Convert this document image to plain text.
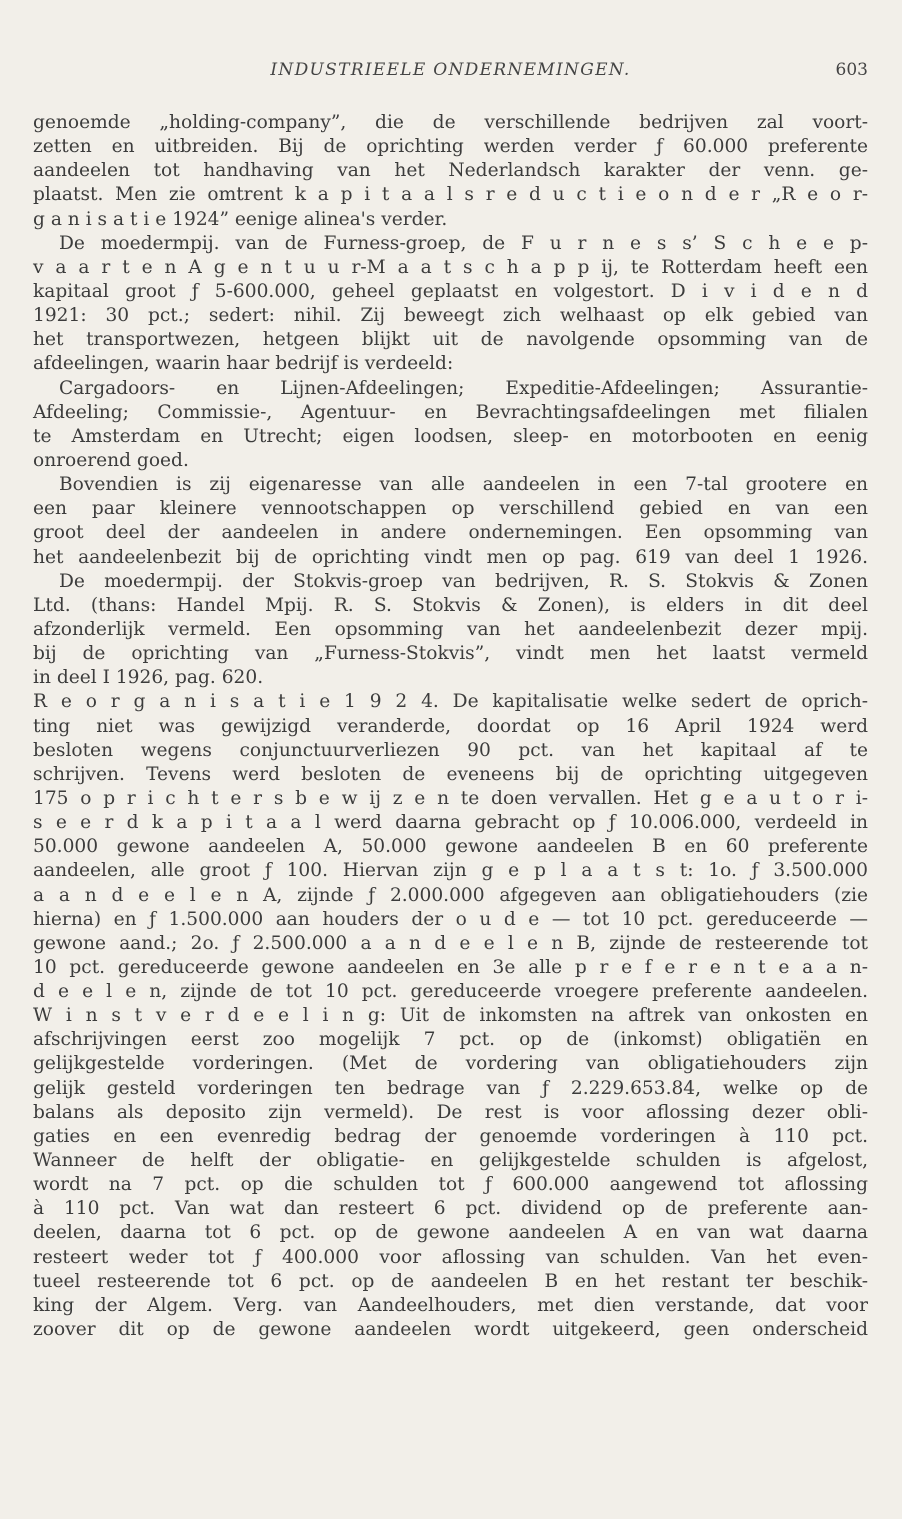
INDUSTRIEELE ONDERNEMINGEN.	603
genoemde „holding-company”, die de verschillende bedrijven zal voort-
zetten en uitbreiden. Bij de oprichting werden verder ƒ 60.000 preferente
aandeelen tot handhaving van het Nederlandsch karakter der venn. ge-
plaatst. Men zie omtrent k a p i t a a l s r e d u c t i e o n d e r „R e o r-
g a n i s a t i e 1924” eenige alinea's verder.
De moedermpij. van de Furness-groep, de F u r n e s s’ S c h e e p-
v a a r t e n A g e n t u u r-M a a t s c h a p p ij, te Rotterdam heeft een
kapitaal groot ƒ 5-600.000, geheel geplaatst en volgestort. D i v i d e n d
1921: 30 pct.; sedert: nihil. Zij beweegt zich welhaast op elk gebied van
het transportwezen, hetgeen blijkt uit de navolgende opsomming van de
afdeelingen, waarin haar bedrijf is verdeeld:
Cargadoors- en Lijnen-Afdeelingen; Expeditie-Afdeelingen; Assurantie-
Afdeeling; Commissie-, Agentuur- en Bevrachtingsafdeelingen met filialen
te Amsterdam en Utrecht; eigen loodsen, sleep- en motorbooten en eenig
onroerend goed.
Bovendien is zij eigenaresse van alle aandeelen in een 7-tal grootere en
een paar kleinere vennootschappen op verschillend gebied en van een
groot deel der aandeelen in andere ondernemingen. Een opsomming van
het aandeelenbezit bij de oprichting vindt men op pag. 619 van deel 1 1926.
De moedermpij. der Stokvis-groep van bedrijven, R. S. Stokvis & Zonen
Ltd. (thans: Handel Mpij. R. S. Stokvis & Zonen), is elders in dit deel
afzonderlijk vermeld. Een opsomming van het aandeelenbezit dezer mpij.
bij de oprichting van „Furness-Stokvis”, vindt men het laatst vermeld
in deel I 1926, pag. 620.
R e o r g a n i s a t i e 1 9 2 4. De kapitalisatie welke sedert de oprich-
ting niet was gewijzigd veranderde, doordat op 16 April 1924 werd
besloten wegens conjunctuurverliezen 90 pct. van het kapitaal af te
schrijven. Tevens werd besloten de eveneens bij de oprichting uitgegeven
175 o p r i c h t e r s b e w ij z e n te doen vervallen. Het g e a u t o r i-
s e e r d k a p i t a a l werd daarna gebracht op ƒ 10.006.000, verdeeld in
50.000 gewone aandeelen A, 50.000 gewone aandeelen B en 60 preferente
aandeelen, alle groot ƒ 100. Hiervan zijn g e p l a a t s t: 1o. ƒ 3.500.000
a a n d e e l e n A, zijnde ƒ 2.000.000 afgegeven aan obligatiehouders (zie
hierna) en ƒ 1.500.000 aan houders der o u d e — tot 10 pct. gereduceerde —
gewone aand.; 2o. ƒ 2.500.000 a a n d e e l e n B, zijnde de resteerende tot
10 pct. gereduceerde gewone aandeelen en 3e alle p r e f e r e n t e a a n-
d e e l e n, zijnde de tot 10 pct. gereduceerde vroegere preferente aandeelen.
W i n s t v e r d e e l i n g: Uit de inkomsten na aftrek van onkosten en
afschrijvingen eerst zoo mogelijk 7 pct. op de (inkomst) obligatiën en
gelijkgestelde vorderingen. (Met de vordering van obligatiehouders zijn
gelijk gesteld vorderingen ten bedrage van ƒ 2.229.653.84, welke op de
balans als deposito zijn vermeld). De rest is voor aflossing dezer obli-
gaties en een evenredig bedrag der genoemde vorderingen à 110 pct.
Wanneer de helft der obligatie- en gelijkgestelde schulden is afgelost,
wordt na 7 pct. op die schulden tot ƒ 600.000 aangewend tot aflossing
à 110 pct. Van wat dan resteert 6 pct. dividend op de preferente aan-
deelen, daarna tot 6 pct. op de gewone aandeelen A en van wat daarna
resteert weder tot ƒ 400.000 voor aflossing van schulden. Van het even-
tueel resteerende tot 6 pct. op de aandeelen B en het restant ter beschik-
king der Algem. Verg. van Aandeelhouders, met dien verstande, dat voor
zoover dit op de gewone aandeelen wordt uitgekeerd, geen onderscheid
